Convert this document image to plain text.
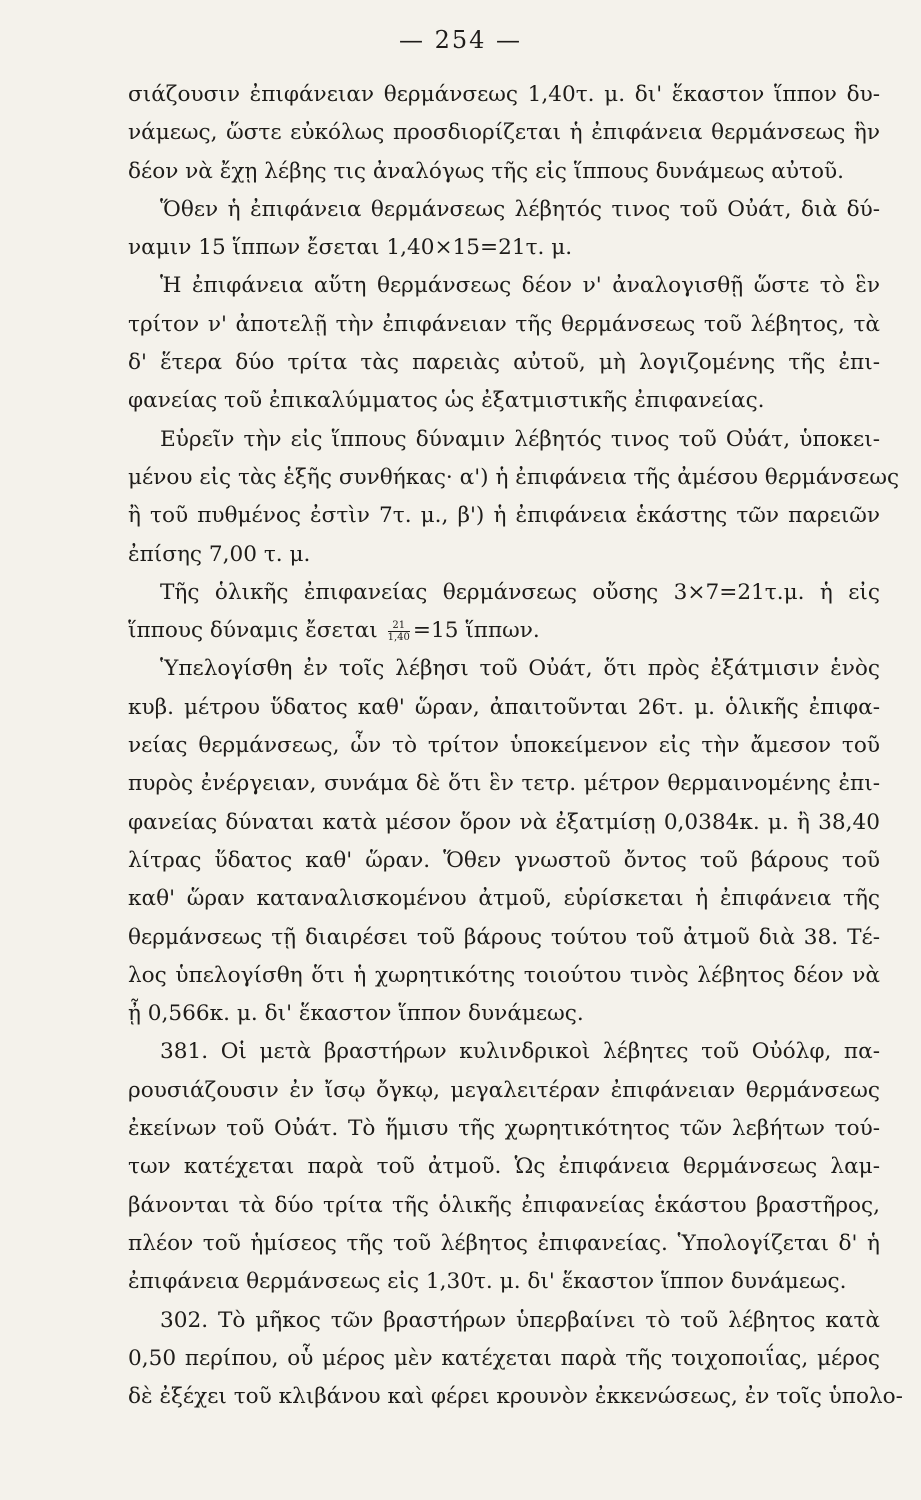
— 254 —
σιάζουσιν ἐπιφάνειαν θερμάνσεως 1,40τ. μ. δι' ἕκαστον ἵππον δυ-
νάμεως, ὥστε εὐκόλως προσδιορίζεται ἡ ἐπιφάνεια θερμάνσεως ἣν
δέον νὰ ἔχῃ λέβης τις ἀναλόγως τῆς εἰς ἵππους δυνάμεως αὐτοῦ.
Ὅθεν ἡ ἐπιφάνεια θερμάνσεως λέβητός τινος τοῦ Οὐάτ, διὰ δύ-
ναμιν 15 ἵππων ἔσεται 1,40×15=21τ. μ.
Ἡ ἐπιφάνεια αὕτη θερμάνσεως δέον ν' ἀναλογισθῇ ὥστε τὸ ἓν
τρίτον ν' ἀποτελῇ τὴν ἐπιφάνειαν τῆς θερμάνσεως τοῦ λέβητος, τὰ
δ' ἕτερα δύο τρίτα τὰς παρειὰς αὐτοῦ, μὴ λογιζομένης τῆς ἐπι-
φανείας τοῦ ἐπικαλύμματος ὡς ἐξατμιστικῆς ἐπιφανείας.
Εὑρεῖν τὴν εἰς ἵππους δύναμιν λέβητός τινος τοῦ Οὐάτ, ὑποκει-
μένου εἰς τὰς ἑξῆς συνθήκας· α') ἡ ἐπιφάνεια τῆς ἀμέσου θερμάνσεως
ἢ τοῦ πυθμένος ἐστὶν 7τ. μ., β') ἡ ἐπιφάνεια ἑκάστης τῶν παρειῶν
ἐπίσης 7,00 τ. μ.
Τῆς ὁλικῆς ἐπιφανείας θερμάνσεως οὔσης 3×7=21τ.μ. ἡ εἰς
ἵππους δύναμις ἔσεται $\frac{21}{1,40} =15$ ἵππων.
Ὑπελογίσθη ἐν τοῖς λέβησι τοῦ Οὐάτ, ὅτι πρὸς ἐξάτμισιν ἑνὸς
κυβ. μέτρου ὕδατος καθ' ὥραν, ἀπαιτοῦνται 26τ. μ. ὁλικῆς ἐπιφα-
νείας θερμάνσεως, ὧν τὸ τρίτον ὑποκείμενον εἰς τὴν ἄμεσον τοῦ
πυρὸς ἐνέργειαν, συνάμα δὲ ὅτι ἓν τετρ. μέτρον θερμαινομένης ἐπι-
φανείας δύναται κατὰ μέσον ὅρον νὰ ἐξατμίσῃ 0,0384κ. μ. ἢ 38,40
λίτρας ὕδατος καθ' ὥραν. Ὅθεν γνωστοῦ ὄντος τοῦ βάρους τοῦ
καθ' ὥραν καταναλισκομένου ἀτμοῦ, εὑρίσκεται ἡ ἐπιφάνεια τῆς
θερμάνσεως τῇ διαιρέσει τοῦ βάρους τούτου τοῦ ἀτμοῦ διὰ 38. Τέ-
λος ὑπελογίσθη ὅτι ἡ χωρητικότης τοιούτου τινὸς λέβητος δέον νὰ
ᾖ 0,566κ. μ. δι' ἕκαστον ἵππον δυνάμεως.
381. Οἱ μετὰ βραστήρων κυλινδρικοὶ λέβητες τοῦ Οὐόλφ, πα-
ρουσιάζουσιν ἐν ἴσῳ ὄγκῳ, μεγαλειτέραν ἐπιφάνειαν θερμάνσεως
ἐκείνων τοῦ Οὐάτ. Τὸ ἥμισυ τῆς χωρητικότητος τῶν λεβήτων τού-
των κατέχεται παρὰ τοῦ ἀτμοῦ. Ὡς ἐπιφάνεια θερμάνσεως λαμ-
βάνονται τὰ δύο τρίτα τῆς ὁλικῆς ἐπιφανείας ἑκάστου βραστῆρος,
πλέον τοῦ ἡμίσεος τῆς τοῦ λέβητος ἐπιφανείας. Ὑπολογίζεται δ' ἡ
ἐπιφάνεια θερμάνσεως εἰς 1,30τ. μ. δι' ἕκαστον ἵππον δυνάμεως.
302. Τὸ μῆκος τῶν βραστήρων ὑπερβαίνει τὸ τοῦ λέβητος κατὰ
0,50 περίπου, οὗ μέρος μὲν κατέχεται παρὰ τῆς τοιχοποιΐας, μέρος
δὲ ἐξέχει τοῦ κλιβάνου καὶ φέρει κρουνὸν ἐκκενώσεως, ἐν τοῖς ὑπολο-
